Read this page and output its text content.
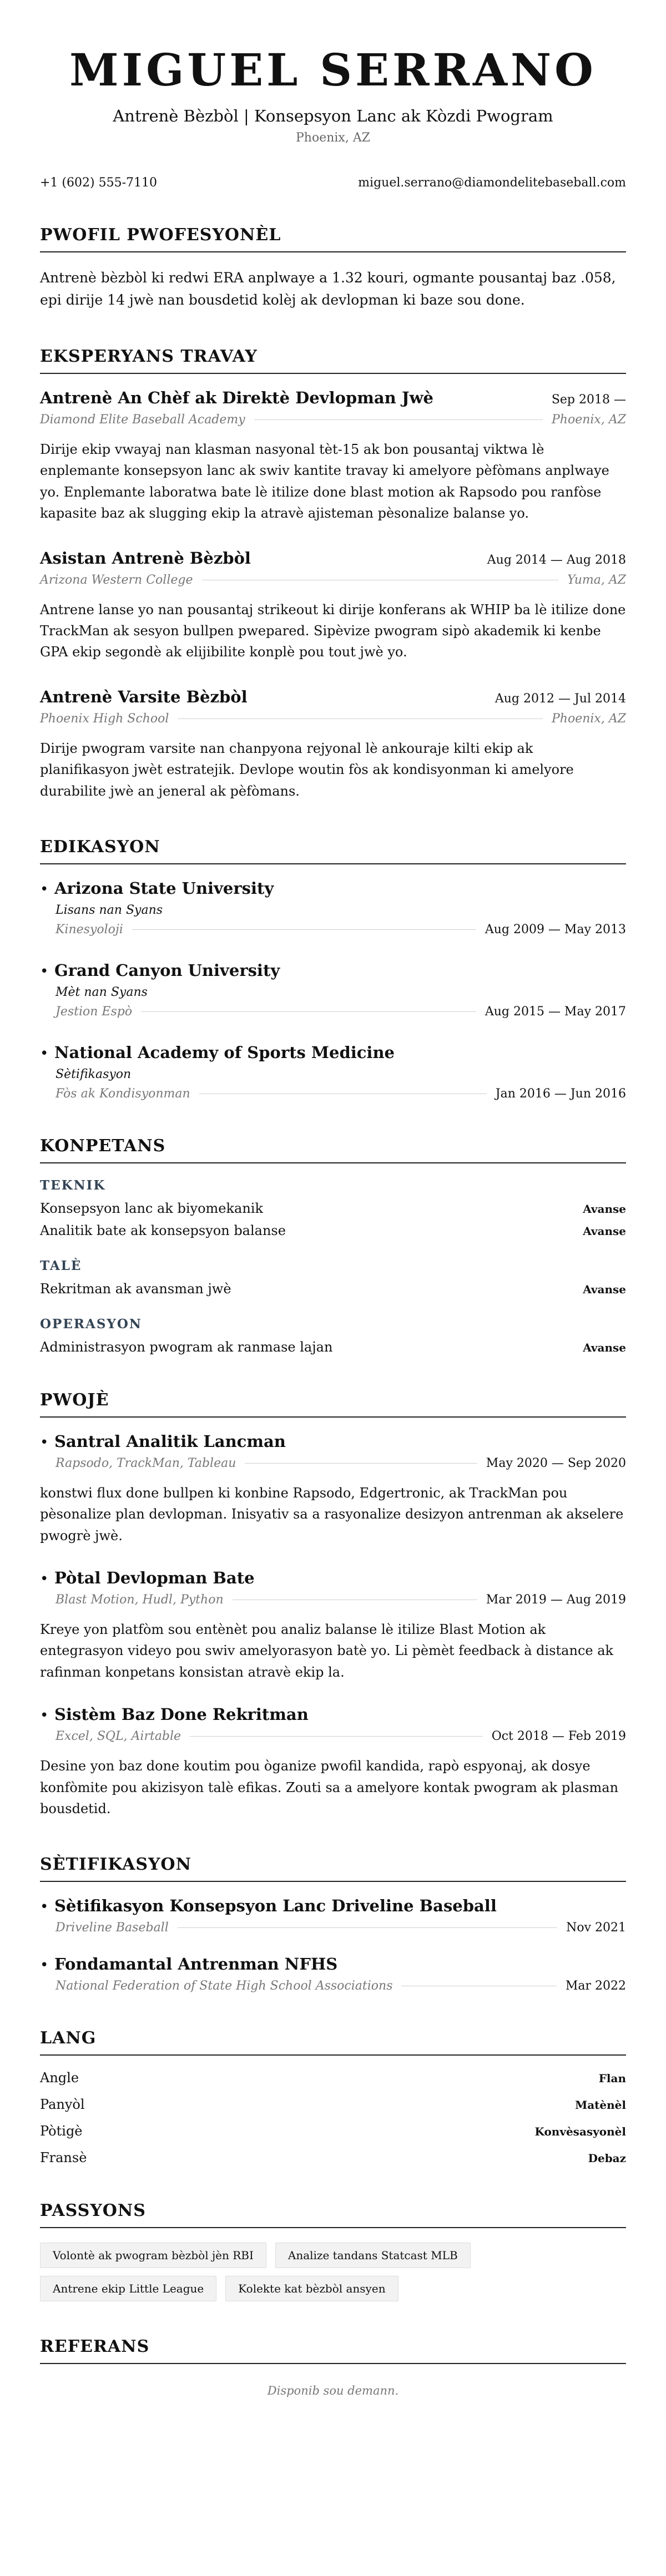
MIGUEL SERRANO
Antrenè Bèzbòl | Konsepsyon Lanc ak Kòzdi Pwogram
Phoenix, AZ
+1 (602) 555-7110	miguel.serrano@diamondelitebaseball.com
PWOFIL PWOFESYONÈL

Antrenè bèzbòl ki redwi ERA anplwaye a 1.32 kouri, ogmante pousantaj baz .058, epi dirije 14 jwè nan bousdetid kolèj ak devlopman ki baze sou done.

EKSPERYANS TRAVAY
Antrenè An Chèf ak Direktè Devlopman Jwè	Sep 2018 —
Diamond Elite Baseball Academy	Phoenix, AZ

Dirije ekip vwayaj nan klasman nasyonal tèt-15 ak bon pousantaj viktwa lè enplemante konsepsyon lanc ak swiv kantite travay ki amelyore pèfòmans anplwaye yo. Enplemante laboratwa bate lè itilize done blast motion ak Rapsodo pou ranfòse kapasite baz ak slugging ekip la atravè ajisteman pèsonalize balanse yo.

Asistan Antrenè Bèzbòl	Aug 2014 — Aug 2018
Arizona Western College	Yuma, AZ

Antrene lanse yo nan pousantaj strikeout ki dirije konferans ak WHIP ba lè itilize done TrackMan ak sesyon bullpen pwepared. Sipèvize pwogram sipò akademik ki kenbe GPA ekip segondè ak elijibilite konplè pou tout jwè yo.

Antrenè Varsite Bèzbòl	Aug 2012 — Jul 2014
Phoenix High School	Phoenix, AZ

Dirije pwogram varsite nan chanpyona rejyonal lè ankouraje kilti ekip ak planifikasyon jwèt estratejik. Devlope woutin fòs ak kondisyonman ki amelyore durabilite jwè an jeneral ak pèfòmans.

EDIKASYON
• Arizona State University
Lisans nan Syans
Kinesyoloji	Aug 2009 — May 2013
• Grand Canyon University
Mèt nan Syans
Jestion Espò	Aug 2015 — May 2017
• National Academy of Sports Medicine
Sètifikasyon
Fòs ak Kondisyonman	Jan 2016 — Jun 2016
KONPETANS
TEKNIK
Konsepsyon lanc ak biyomekanik	Avanse
Analitik bate ak konsepsyon balanse	Avanse
TALÈ
Rekritman ak avansman jwè	Avanse
OPERASYON
Administrasyon pwogram ak ranmase lajan	Avanse
PWOJÈ
• Santral Analitik Lancman
Rapsodo, TrackMan, Tableau	May 2020 — Sep 2020

konstwi flux done bullpen ki konbine Rapsodo, Edgertronic, ak TrackMan pou pèsonalize plan devlopman. Inisyativ sa a rasyonalize desizyon antrenman ak akselere pwogrè jwè.

• Pòtal Devlopman Bate
Blast Motion, Hudl, Python	Mar 2019 — Aug 2019

Kreye yon platfòm sou entènèt pou analiz balanse lè itilize Blast Motion ak entegrasyon videyo pou swiv amelyorasyon batè yo. Li pèmèt feedback à distance ak rafinman konpetans konsistan atravè ekip la.

• Sistèm Baz Done Rekritman
Excel, SQL, Airtable	Oct 2018 — Feb 2019

Desine yon baz done koutim pou òganize pwofil kandida, rapò espyonaj, ak dosye konfòmite pou akizisyon talè efikas. Zouti sa a amelyore kontak pwogram ak plasman bousdetid.

SÈTIFIKASYON
• Sètifikasyon Konsepsyon Lanc Driveline Baseball
Driveline Baseball	Nov 2021
• Fondamantal Antrenman NFHS
National Federation of State High School Associations	Mar 2022
LANG
Angle	Flan
Panyòl	Matènèl
Pòtigè	Konvèsasyonèl
Fransè	Debaz
PASSYONS
Volontè ak pwogram bèzbòl jèn RBI	Analize tandans Statcast MLB
Antrene ekip Little League	Kolekte kat bèzbòl ansyen
REFERANS
Disponib sou demann.
